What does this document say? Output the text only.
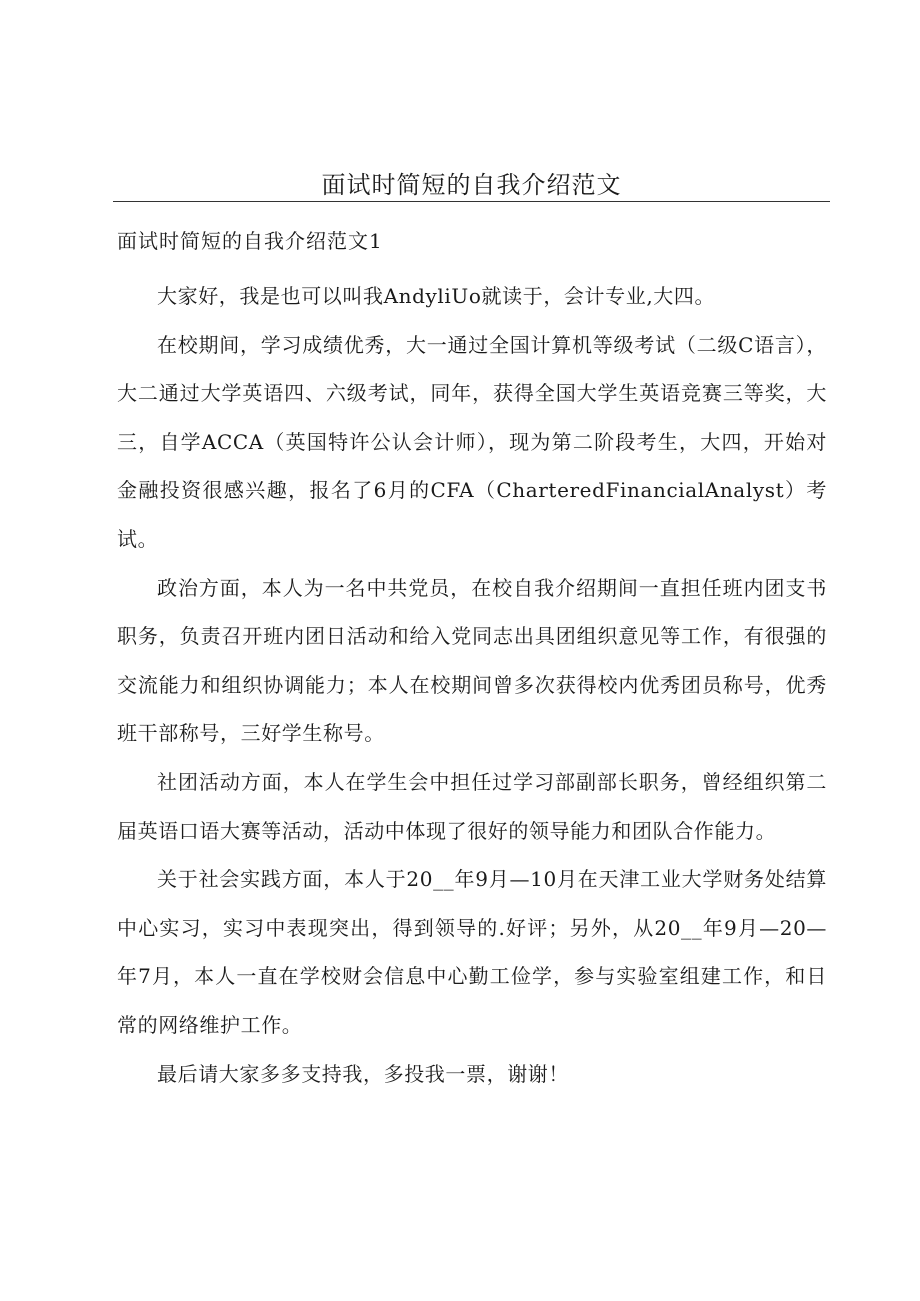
面试时简短的自我介绍范文
面试时简短的自我介绍范文1

大家好，我是也可以叫我AndyliUo就读于，会计专业,大四。

在校期间，学习成绩优秀，大一通过全国计算机等级考试（二级C语言），大二通过大学英语四、六级考试，同年，获得全国大学生英语竞赛三等奖，大三，自学ACCA（英国特许公认会计师），现为第二阶段考生，大四，开始对金融投资很感兴趣，报名了6月的CFA（CharteredFinancialAnalyst）考试。

政治方面，本人为一名中共党员，在校自我介绍期间一直担任班内团支书职务，负责召开班内团日活动和给入党同志出具团组织意见等工作，有很强的交流能力和组织协调能力；本人在校期间曾多次获得校内优秀团员称号，优秀班干部称号，三好学生称号。

社团活动方面，本人在学生会中担任过学习部副部长职务，曾经组织第二届英语口语大赛等活动，活动中体现了很好的领导能力和团队合作能力。

关于社会实践方面，本人于20__年9月—10月在天津工业大学财务处结算中心实习，实习中表现突出，得到领导的.好评；另外，从20__年9月—20—年7月，本人一直在学校财会信息中心勤工俭学，参与实验室组建工作，和日常的网络维护工作。

最后请大家多多支持我，多投我一票，谢谢！
